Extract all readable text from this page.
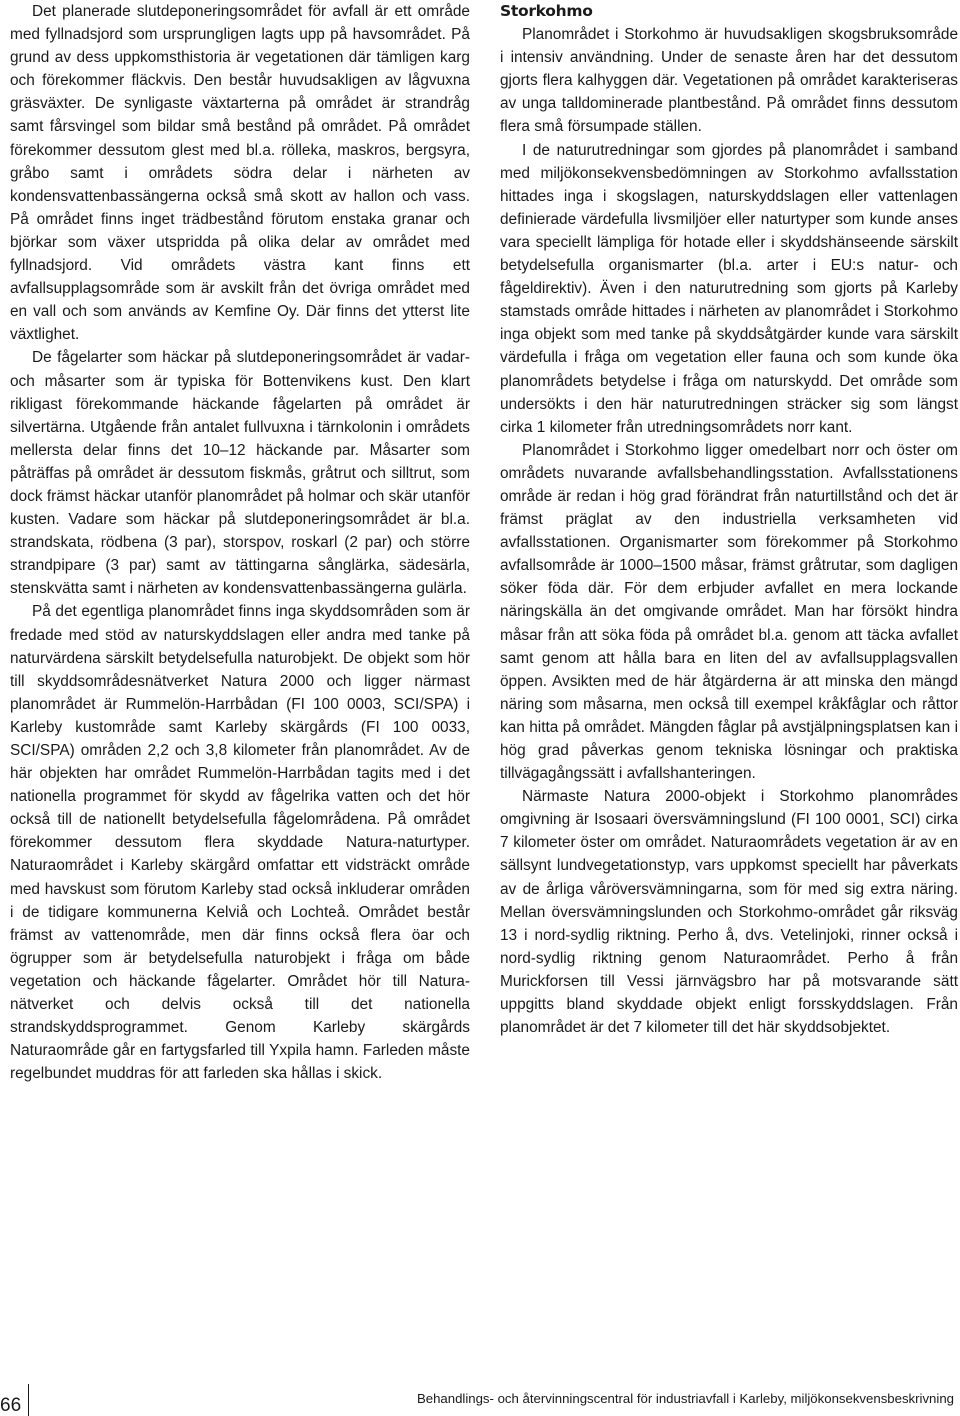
Det planerade slutdeponeringsområdet för avfall är ett område med fyllnadsjord som ursprungligen lagts upp på havsområdet. På grund av dess uppkomsthistoria är vegetationen där tämligen karg och förekommer fläckvis. Den består huvudsakligen av lågvuxna gräsväxter. De synligaste växtarterna på området är strandråg samt fårsvingel som bildar små bestånd på området. På området förekommer dessutom glest med bl.a. rölleka, maskros, bergsyra, gråbo samt i områdets södra delar i närheten av kondensvattenbassängerna också små skott av hallon och vass. På området finns inget trädbestånd förutom enstaka granar och björkar som växer utspridda på olika delar av området med fyllnadsjord. Vid områdets västra kant finns ett avfallsupplagsområde som är avskilt från det övriga området med en vall och som används av Kemfine Oy. Där finns det ytterst lite växtlighet.

De fågelarter som häckar på slutdeponeringsområdet är vadar- och måsarter som är typiska för Bottenvikens kust. Den klart rikligast förekommande häckande fågelarten på området är silvertärna. Utgående från antalet fullvuxna i tärnkolonin i områdets mellersta delar finns det 10–12 häckande par. Måsarter som påträffas på området är dessutom fiskmås, gråtrut och silltrut, som dock främst häckar utanför planområdet på holmar och skär utanför kusten. Vadare som häckar på slutdeponeringsområdet är bl.a. strandskata, rödbena (3 par), storspov, roskarl (2 par) och större strandpipare (3 par) samt av tättingarna sånglärka, sädesärla, stenskvätta samt i närheten av kondensvattenbassängerna gulärla.

På det egentliga planområdet finns inga skyddsområden som är fredade med stöd av naturskyddslagen eller andra med tanke på naturvärdena särskilt betydelsefulla naturobjekt. De objekt som hör till skyddsområdesnätverket Natura 2000 och ligger närmast planområdet är Rummelön-Harrbådan (FI 100 0003, SCI/SPA) i Karleby kustområde samt Karleby skärgårds (FI 100 0033, SCI/SPA) områden 2,2 och 3,8 kilometer från planområdet. Av de här objekten har området Rummelön-Harrbådan tagits med i det nationella programmet för skydd av fågelrika vatten och det hör också till de nationellt betydelsefulla fågelområdena. På området förekommer dessutom flera skyddade Natura-naturtyper. Naturaområdet i Karleby skärgård omfattar ett vidsträckt område med havskust som förutom Karleby stad också inkluderar områden i de tidigare kommunerna Kelviå och Lochteå. Området består främst av vattenområde, men där finns också flera öar och ögrupper som är betydelsefulla naturobjekt i fråga om både vegetation och häckande fågelarter. Området hör till Natura-nätverket och delvis också till det nationella strandskyddsprogrammet. Genom Karleby skärgårds Naturaområde går en fartygsfarled till Yxpila hamn. Farleden måste regelbundet muddras för att farleden ska hållas i skick.

Storkohmo

Planområdet i Storkohmo är huvudsakligen skogsbruksområde i intensiv användning. Under de senaste åren har det dessutom gjorts flera kalhyggen där. Vegetationen på området karakteriseras av unga talldominerade plantbestånd. På området finns dessutom flera små försumpade ställen.

I de naturutredningar som gjordes på planområdet i samband med miljökonsekvensbedömningen av Storkohmo avfallsstation hittades inga i skogslagen, naturskyddslagen eller vattenlagen definierade värdefulla livsmiljöer eller naturtyper som kunde anses vara speciellt lämpliga för hotade eller i skyddshänseende särskilt betydelsefulla organismarter (bl.a. arter i EU:s natur- och fågeldirektiv). Även i den naturutredning som gjorts på Karleby stamstads område hittades i närheten av planområdet i Storkohmo inga objekt som med tanke på skyddsåtgärder kunde vara särskilt värdefulla i fråga om vegetation eller fauna och som kunde öka planområdets betydelse i fråga om naturskydd. Det område som undersökts i den här naturutredningen sträcker sig som längst cirka 1 kilometer från utredningsområdets norr kant.

Planområdet i Storkohmo ligger omedelbart norr och öster om områdets nuvarande avfallsbehandlingsstation. Avfallsstationens område är redan i hög grad förändrat från naturtillstånd och det är främst präglat av den industriella verksamheten vid avfallsstationen. Organismarter som förekommer på Storkohmo avfallsområde är 1000–1500 måsar, främst gråtrutar, som dagligen söker föda där. För dem erbjuder avfallet en mera lockande näringskälla än det omgivande området. Man har försökt hindra måsar från att söka föda på området bl.a. genom att täcka avfallet samt genom att hålla bara en liten del av avfallsupplagsvallen öppen. Avsikten med de här åtgärderna är att minska den mängd näring som måsarna, men också till exempel kråkfåglar och råttor kan hitta på området. Mängden fåglar på avstjälpningsplatsen kan i hög grad påverkas genom tekniska lösningar och praktiska tillvägagångssätt i avfallshanteringen.

Närmaste Natura 2000-objekt i Storkohmo planområdes omgivning är Isosaari översvämningslund (FI 100 0001, SCI) cirka 7 kilometer öster om området. Naturaområdets vegetation är av en sällsynt lundvegetationstyp, vars uppkomst speciellt har påverkats av de årliga våröversvämningarna, som för med sig extra näring. Mellan översvämningslunden och Storkohmo-området går riksväg 13 i nord-sydlig riktning. Perho å, dvs. Vetelinjoki, rinner också i nord-sydlig riktning genom Naturaområdet. Perho å från Murickforsen till Vessi järnvägsbro har på motsvarande sätt uppgitts bland skyddade objekt enligt forsskyddslagen. Från planområdet är det 7 kilometer till det här skyddsobjektet.

66	Behandlings- och återvinningscentral för industriavfall i Karleby, miljökonsekvensbeskrivning
